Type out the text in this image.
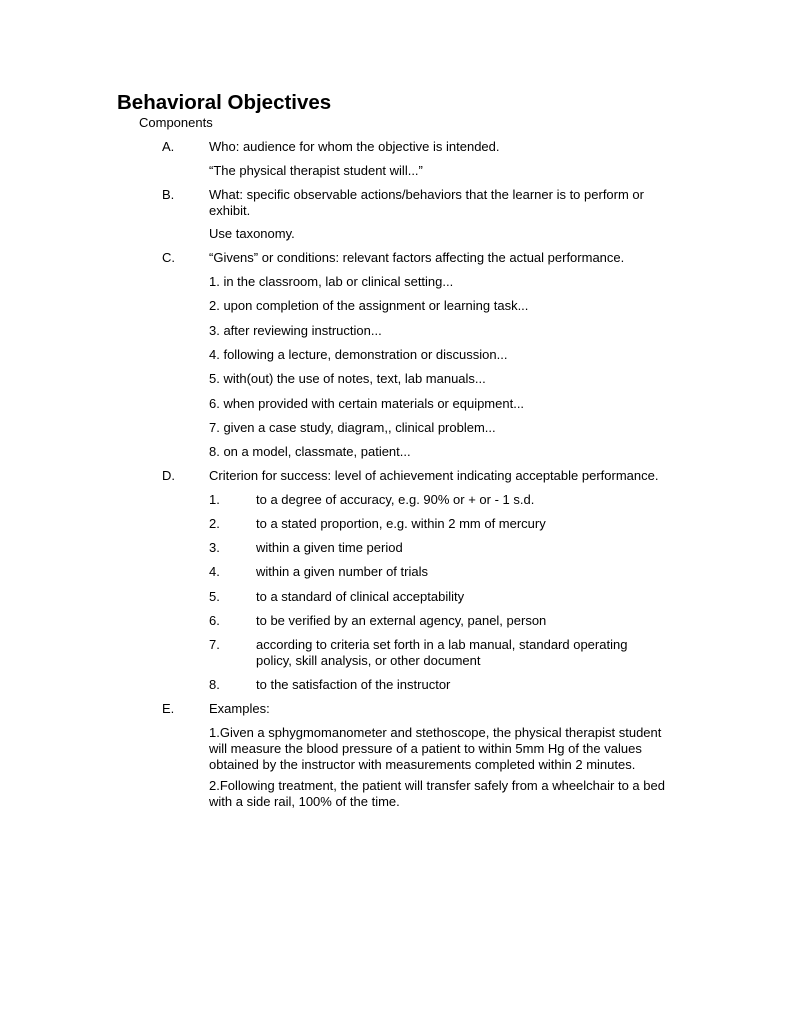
Behavioral Objectives
Components
A.	Who: audience for whom the objective is intended.
“The physical therapist student will...”
B.	What: specific observable actions/behaviors that the learner is to perform or exhibit.
Use taxonomy.
C.	“Givens” or conditions: relevant factors affecting the actual performance.
1. in the classroom, lab or clinical setting...
2. upon completion of the assignment or learning task...
3. after reviewing instruction...
4. following a lecture, demonstration or discussion...
5. with(out) the use of notes, text, lab manuals...
6. when provided with certain materials or equipment...
7. given a case study, diagram,, clinical problem...
8. on a model, classmate, patient...
D.	Criterion for success: level of achievement indicating acceptable performance.
1.	to a degree of accuracy, e.g. 90% or + or - 1 s.d.
2.	to a stated proportion, e.g. within 2 mm of mercury
3.	within a given time period
4.	within a given number of trials
5.	to a standard of clinical acceptability
6.	to be verified by an external agency, panel, person
7.	according to criteria set forth in a lab manual, standard operating policy, skill analysis, or other document
8.	to the satisfaction of the instructor
E.	Examples:
1.Given a sphygmomanometer and stethoscope, the physical therapist student will measure the blood pressure of a patient to within 5mm Hg of the values obtained by the instructor with measurements completed within 2 minutes.
2.Following treatment, the patient will transfer safely from a wheelchair to a bed with a side rail, 100% of the time.
